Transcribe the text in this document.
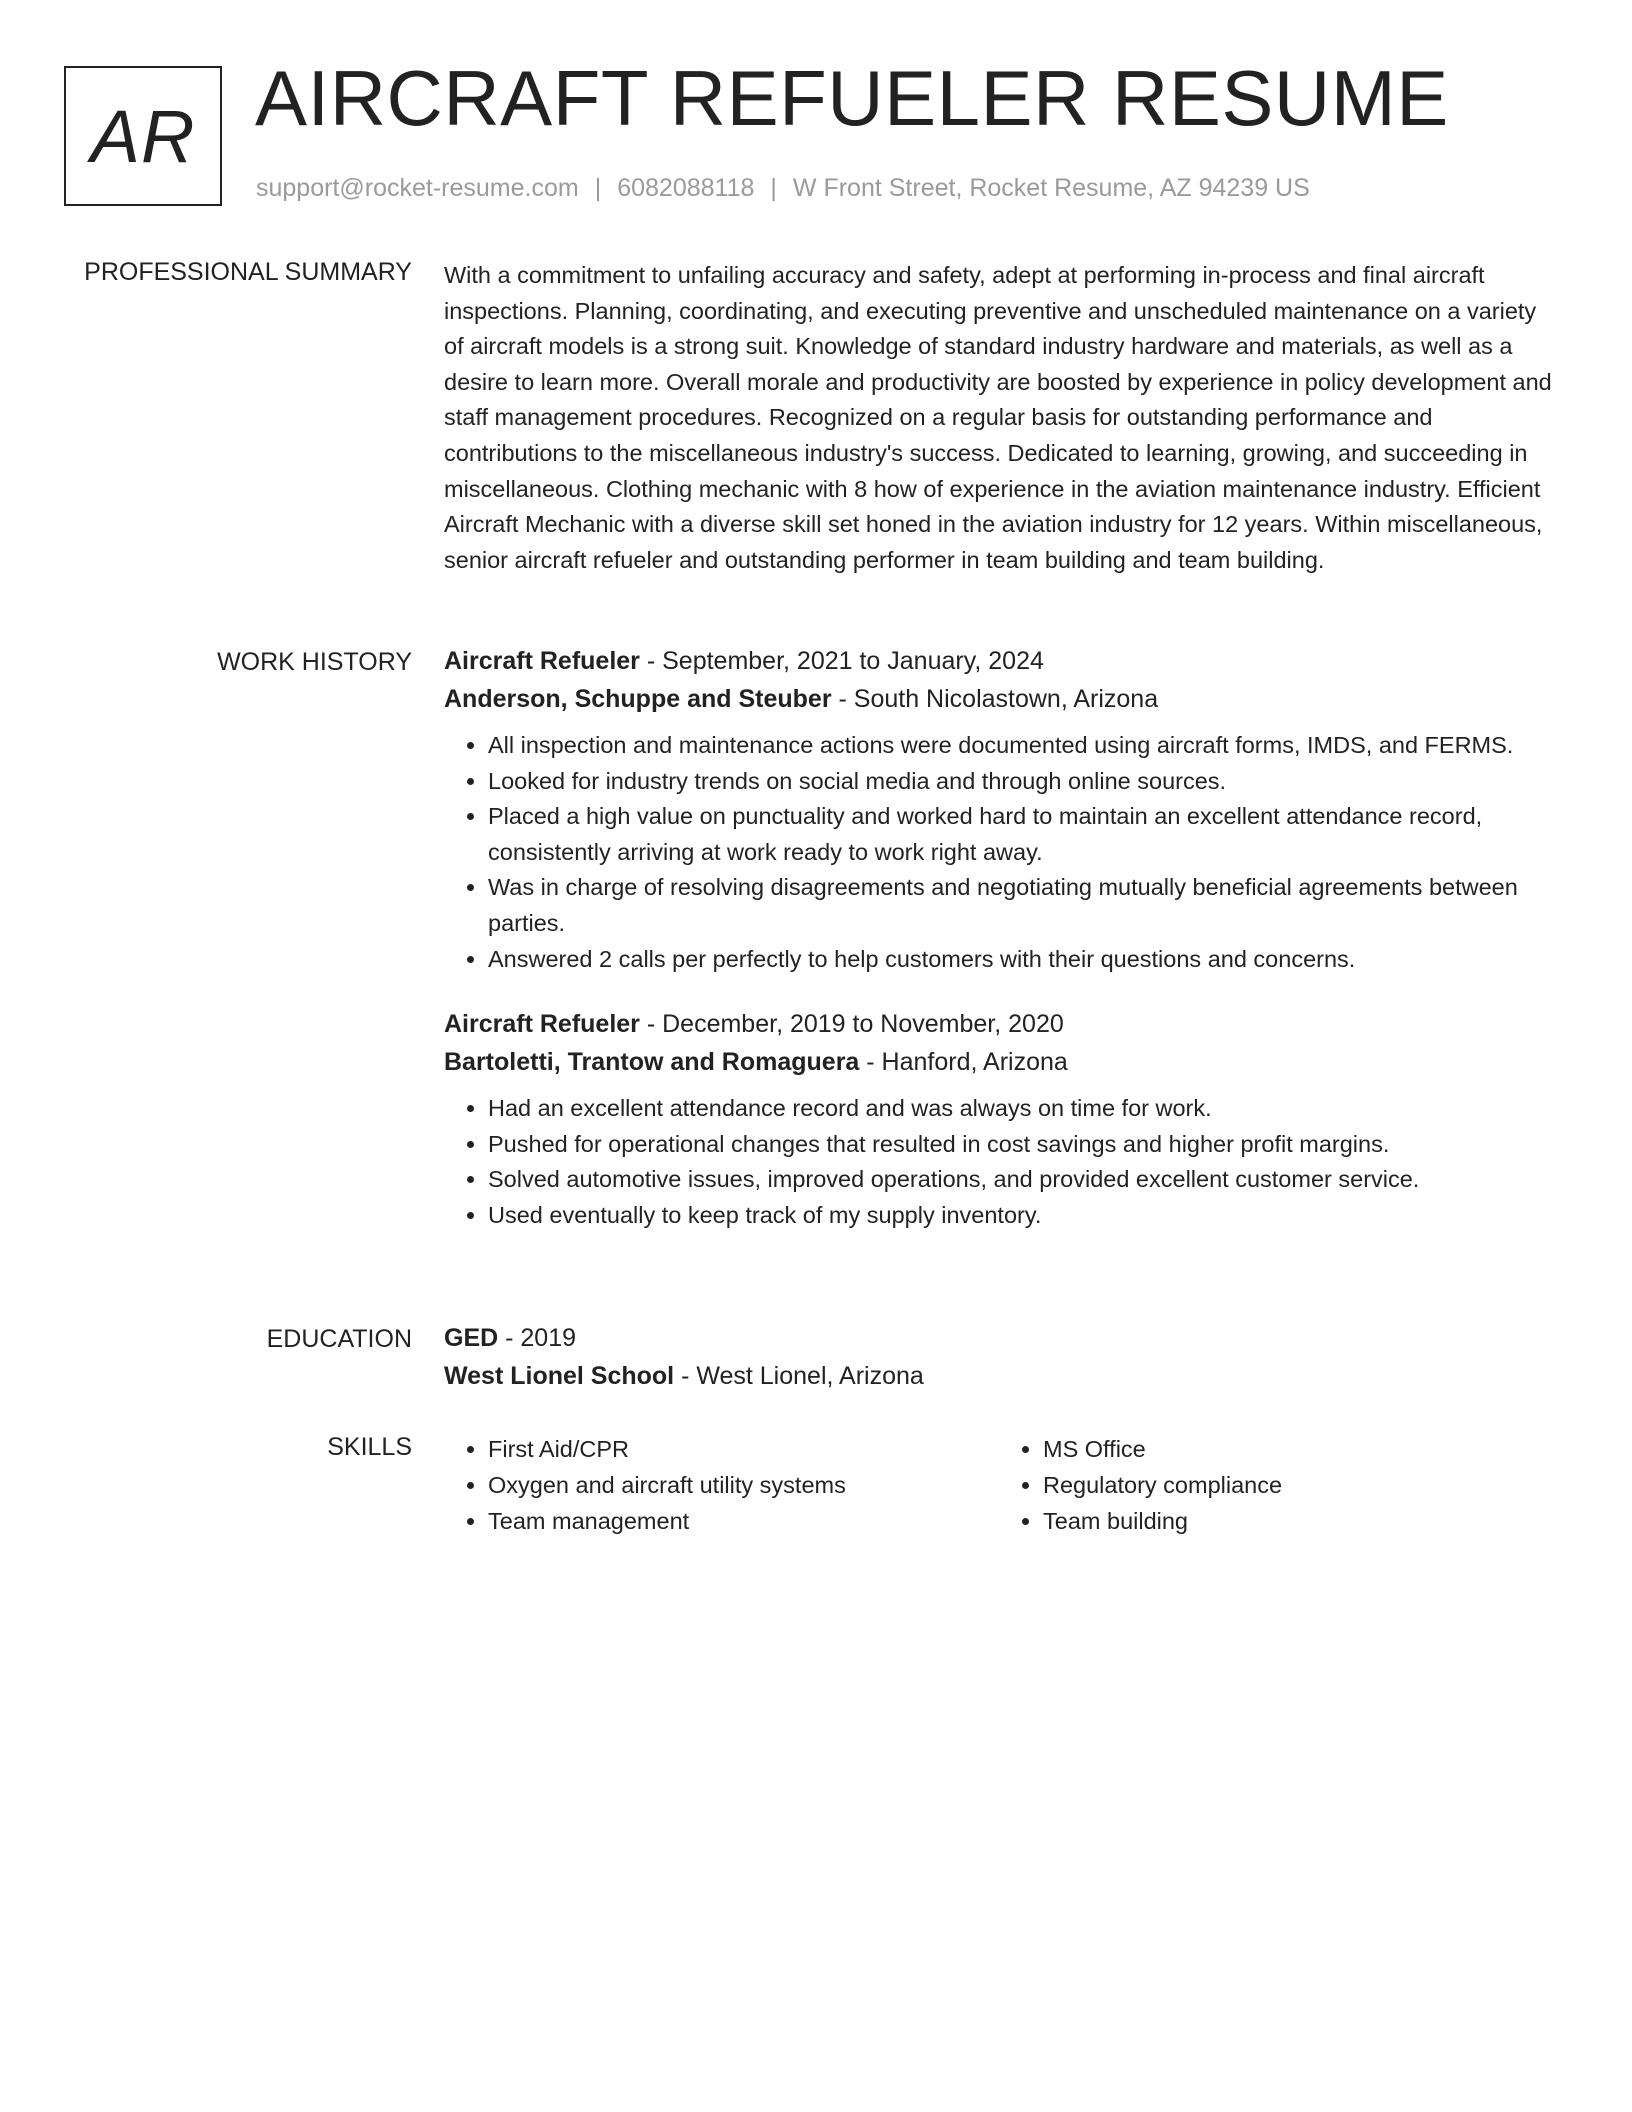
AR AIRCRAFT REFUELER RESUME
support@rocket-resume.com | 6082088118 | W Front Street, Rocket Resume, AZ 94239 US
PROFESSIONAL SUMMARY With a commitment to unfailing accuracy and safety, adept at performing in-process and final aircraft inspections. Planning, coordinating, and executing preventive and unscheduled maintenance on a variety of aircraft models is a strong suit. Knowledge of standard industry hardware and materials, as well as a desire to learn more. Overall morale and productivity are boosted by experience in policy development and staff management procedures. Recognized on a regular basis for outstanding performance and contributions to the miscellaneous industry's success. Dedicated to learning, growing, and succeeding in miscellaneous. Clothing mechanic with 8 how of experience in the aviation maintenance industry. Efficient Aircraft Mechanic with a diverse skill set honed in the aviation industry for 12 years. Within miscellaneous, senior aircraft refueler and outstanding performer in team building and team building.

WORK HISTORY Aircraft Refueler - September, 2021 to January, 2024
Anderson, Schuppe and Steuber - South Nicolastown, Arizona
• All inspection and maintenance actions were documented using aircraft forms, IMDS, and FERMS.
• Looked for industry trends on social media and through online sources.
• Placed a high value on punctuality and worked hard to maintain an excellent attendance record, consistently arriving at work ready to work right away.
• Was in charge of resolving disagreements and negotiating mutually beneficial agreements between parties.
• Answered 2 calls per perfectly to help customers with their questions and concerns.
Aircraft Refueler - December, 2019 to November, 2020
Bartoletti, Trantow and Romaguera - Hanford, Arizona
• Had an excellent attendance record and was always on time for work.
• Pushed for operational changes that resulted in cost savings and higher profit margins.
• Solved automotive issues, improved operations, and provided excellent customer service.
• Used eventually to keep track of my supply inventory.
EDUCATION GED - 2019
West Lionel School - West Lionel, Arizona
SKILLS
•	First Aid/CPR
• Oxygen and aircraft utility systems
• Team management
• MS Office
• Regulatory compliance
• Team building
